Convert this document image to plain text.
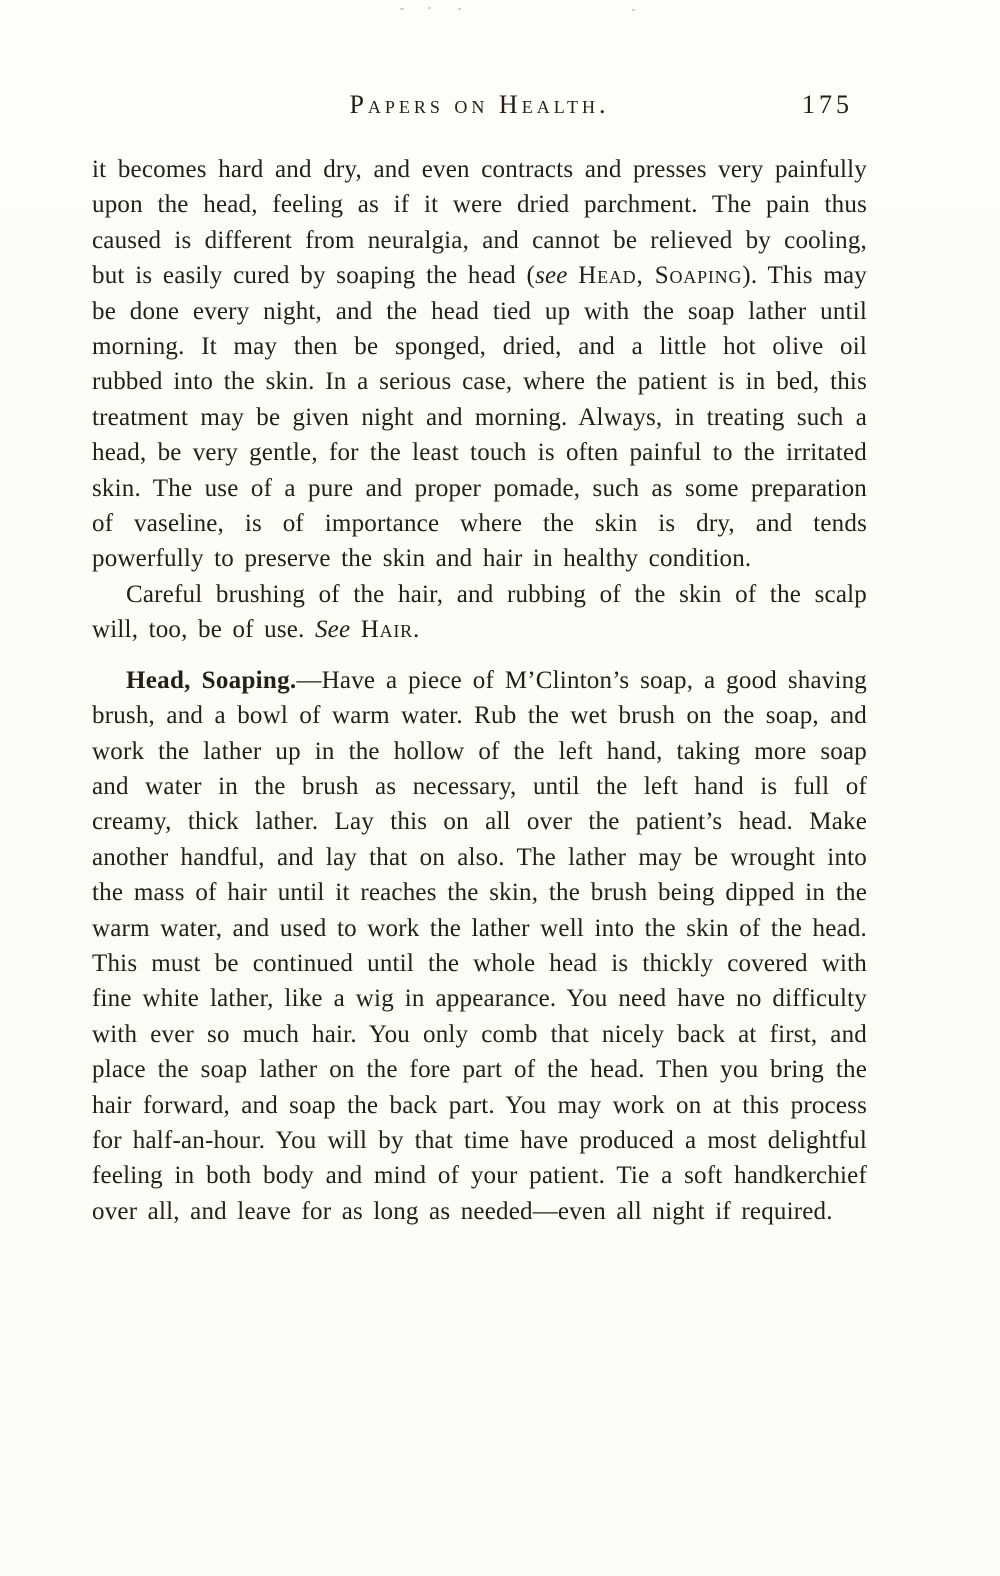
Papers on Health.	175

it becomes hard and dry, and even contracts and presses very painfully upon the head, feeling as if it were dried parchment. The pain thus caused is different from neuralgia, and cannot be relieved by cooling, but is easily cured by soaping the head (see Head, Soaping). This may be done every night, and the head tied up with the soap lather until morning. It may then be sponged, dried, and a little hot olive oil rubbed into the skin. In a serious case, where the patient is in bed, this treatment may be given night and morning. Always, in treating such a head, be very gentle, for the least touch is often painful to the irritated skin. The use of a pure and proper pomade, such as some preparation of vaseline, is of importance where the skin is dry, and tends powerfully to preserve the skin and hair in healthy condition.

Careful brushing of the hair, and rubbing of the skin of the scalp will, too, be of use. See Hair.

Head, Soaping.—Have a piece of M’Clinton’s soap, a good shaving brush, and a bowl of warm water. Rub the wet brush on the soap, and work the lather up in the hollow of the left hand, taking more soap and water in the brush as necessary, until the left hand is full of creamy, thick lather. Lay this on all over the patient’s head. Make another handful, and lay that on also. The lather may be wrought into the mass of hair until it reaches the skin, the brush being dipped in the warm water, and used to work the lather well into the skin of the head. This must be continued until the whole head is thickly covered with fine white lather, like a wig in appearance. You need have no difficulty with ever so much hair. You only comb that nicely back at first, and place the soap lather on the fore part of the head. Then you bring the hair forward, and soap the back part. You may work on at this process for half-an-hour. You will by that time have produced a most delightful feeling in both body and mind of your patient. Tie a soft handkerchief over all, and leave for as long as needed—even all night if required.
